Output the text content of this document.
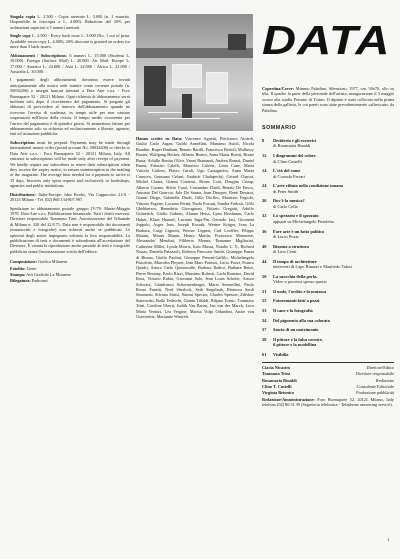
Singola copia L. 2.500 - Copie arretrate L. 3.000 (n. 1 esaurito. Disponibile in fotocopia a L. 4.000). Riduzione del 20% per ordinazioni superiori a 5 numeri arretrati.

Single copy L. 2.500 - Every back issue L. 3.000 (No. 1 out of print. Available xerox-copy L. 4.000). 20% discount is granted on orders for more than 5 back issues.

Abbonamenti / Subscriptions: 6 numeri L. 15.000 (Studenti L. 10.000). Foreign (Surface Mail) L. 20.000. Air Mail: Europe L. 17.000 / America L. 24.000 / Asia L. 22.000 / Africa L. 21.000 / Australia L. 30.000.

I pagamenti degli abbonamenti dovranno essere inviati anticipatamente alla nostra sede tramite conto corrente postale (n. 50034206) o assegni bancari intestati a Data Arte s.a.s. - Foro Buonaparte 52 - 20121 Milano. Ogni richiesta di abbonamento verrà inoltrata solo dopo il ricevimento del pagamento. Si pregano gli abbonati di provvedere al rinnovo dell'abbonamento quando ne ricevono l'avviso di scadenza, in tempo utile per non causare sospensioni nell'invio della rivista. Il tempo medio occorrente per l'arrivo del pagamento è di quindici giorni. Si ammettono fatture per abbonamento solo su richiesta ed esclusivamente a librerie, agenzie, enti ed istituzioni pubbliche.

Subscriptions must be prepaid. Payments may be made through international money order (postal account No. 50034206) or checks to Data Arte s.a.s. - Foro Buonaparte 52 - 20121 Milano, Italy. All entrance to subscriptions will be made only after receipt of payment. We kindly require our subscribers to renew their subscriptions when they receive the expiry notice, to ensure uninterruption in the mailing of the magazine. The average time needed for a payment to arrive is 15 days. Invoices only upon request and exclusively to bookshops, agencies and public institutions.

Distribuzione: Italia-Europe: Idea Books, Via Cappuccini 21/A - 20123 Milano - Tel. (02) 860.134-807.997.

Spedizione in abbonamento postale gruppo IV/70. Marzo-Maggio 1978. Data Arte s.a.s. Pubblicazione bimestrale. Tutti i diritti riservati. Direttore responsabile Tommaso Trini. Autorizzazione del Tribunale di Milano n. 320 del 22.8.71. Data non è responsabile dei documenti (manoscritti e fotografie) non richiesti anche se pubblicati. Le opinioni degli autori impegnano soltanto la loro responsabilità. La pubblicazione di testi e documenti è subordinata all'accettazione del Direttore. È vietata la riproduzione anche parziale di testi e fotografie pubblicati senza l'autorizzazione scritta dell'editore.

Composizione: Grafica Milanese

Fotolito: Linee

Stampa: Arti Grafiche La Monzese

Rilegatura: Padovani

Hanno scritto su Data: Vincenzo Agnetti, Pierfranco Aicardi, Giulio Carlo Argan, Guido Armellini, Massimo Asioli, Nicola Baudini, Ruper Banham, Renato Barilli, Francesco Bertoli, Mulberry Baxter, Wolfgang Becker, Alberto Boatto, Anna Maria Boetti, Bruno Boria, Achille Bonito Oliva, Vanni Bramanti, Andrea Branzi, Daniel Buren, Fabrizio Caleffi, Maurizio Calvesi, Louis Cane, Maria Vittoria Carloni, Flavio Caroli, Ugo Castagnotto, Anna Maria Casnova, Germano Celant, Jindrich Chalupecký, Gérard Chaoui, Michel Claura, Gianni Contessi, Bruno Corà, Douglas Crimp, Alberto Cuomo, Silvio Curzi, Costantino Dardi, Renato De Fusco, Antonio Del Guercio, Jole De Sanna, Jean Desoper, Renè Denizot, Gianni Diego, Gabriella Drudi, Gillo Dorfles, Maurizio Fagiolo, Vittorio Fagone, Luciano Fermi, Paolo Fossati, Sandra Furlotti, Gillo Ghebberzor, Benedetto Giovagnoni, Vittorio Gregotti, Adolfo Grünerich, Giulio Guberti, Alanna Heiss, Lynn Hershman, Carlo Huber, Klaus Honnef, Luciano Inga-Pin, Gerardo Iasi, Giovanni Joppolo, Asger Jorn, Joseph Kosuth, Werner Krüger, Ivan La Barbara, Luigi Lignoni, Werner Lippert, Carl Loeffler, Filippo Maiani, Mauro Manin, Henry Martin, Francesco Matarrese, Alessandro Mendini, Filiberto Menna, Ermanno Migliorini, Catherine Millet, Lynda Morris, Italo Mussa, Natalie L. Y., Richard Nonas, Daniela Palazzoli, Roberta Pancoast Smith, Giuseppe Panza di Biumo, Giulio Paolini, Giuseppe Penoni-Galfilo, Michelangelo Pistoletto, Marcelin Pleynet, Jean Marc Poinsot, Lucio Pozzi, Franco Quadri, Arturo Carlo Quintavalle, Barbara Radice, Barbara Reise, Pierre Restany, Paolo Rizzi, Massimo Roberti, Carla Romano, David Ross, Vittorio Rubiu, Giovanni Sala, Jean Louis Schefer, Arturo Schwarz, Gianfranco Schormenberger, Mario Serenellini, Paolo Rosso Fanetti, Noel Sherlock, Seth Siegelaub, Eleanora Sordi Simonetti, Silvana Sinisi, Naomi Spector, Charles Spencer, Zdislaw Stanowski, Balla Tedeschi, Gianni Tibaldi, Biljana Tomic, Tommaso Trini, Caroline Uberti, Judith Van Baron, Jan van der Marck, Luca Maria Venturi, Lea Vergine, Marisa Volpi Orlandini, Anzie von Graevenitz, Marianne Wintrett.
DATA
Copertina/Cover: Mimmo Paladino, Silenzioso, 1977, cm. 50x70, olio su tela. Il quadro fa parte della personale dell'artista, inaugurazione il 3 maggio scorso alla studio Persano di Torino. Il dipinto è stato collocato nella prima stanza della galleria, le cui pareti sono state precedentemente «affrescate» da Paladino.
SOMMARIO
8	Desiderio e gli esoterici
di Rosamaria Rinaldi
12	I diagrammi del colore
di Clino Castelli
14	L'età del rame
di Corrado Ferrari
24	L'arte rifiuta nella condizione umana
di Peter Smith
26	Dov'è la musica?
di Carlo Cella
32	Lo spezzato e il spezzato
appunti su Michelangelo Pistoletto
36	Fare arte è un fatto politico
di Lucio Pozzi
40	Rizoma a struttura
di Lino Centi
44	Il tempo di architetture
interventi di Lapo Binazzi e Manfredo Tafuri
50	La suocchia della perla.
Video e processi spesso spazio
51	Il nodo, l'ordito e la matassa
52	Fotoromanti fatti a pezzi
53	Il cane e la fotografia
54	Del pigmento alla sua colorata
57	Storia di un matrimonio
58	Il pittore e la falsa cornice,
il pittore e la modellina
61	Visibilia
Ciacia Nicastro	Direttore/Editor
Tommaso Trini	Direttore responsabile
Rosamaria Rinaldi	Redazione
Clino T. Castelli	Consulente Editoriale
Virginia Betonico	Produzione pubblicità
Redazione/Amministrazione: Foro Buonaparte 52, 20121 Milano, Italy telefono (02) 80.31.39 (Segreteria telefonica - Telephone answering service).
1
